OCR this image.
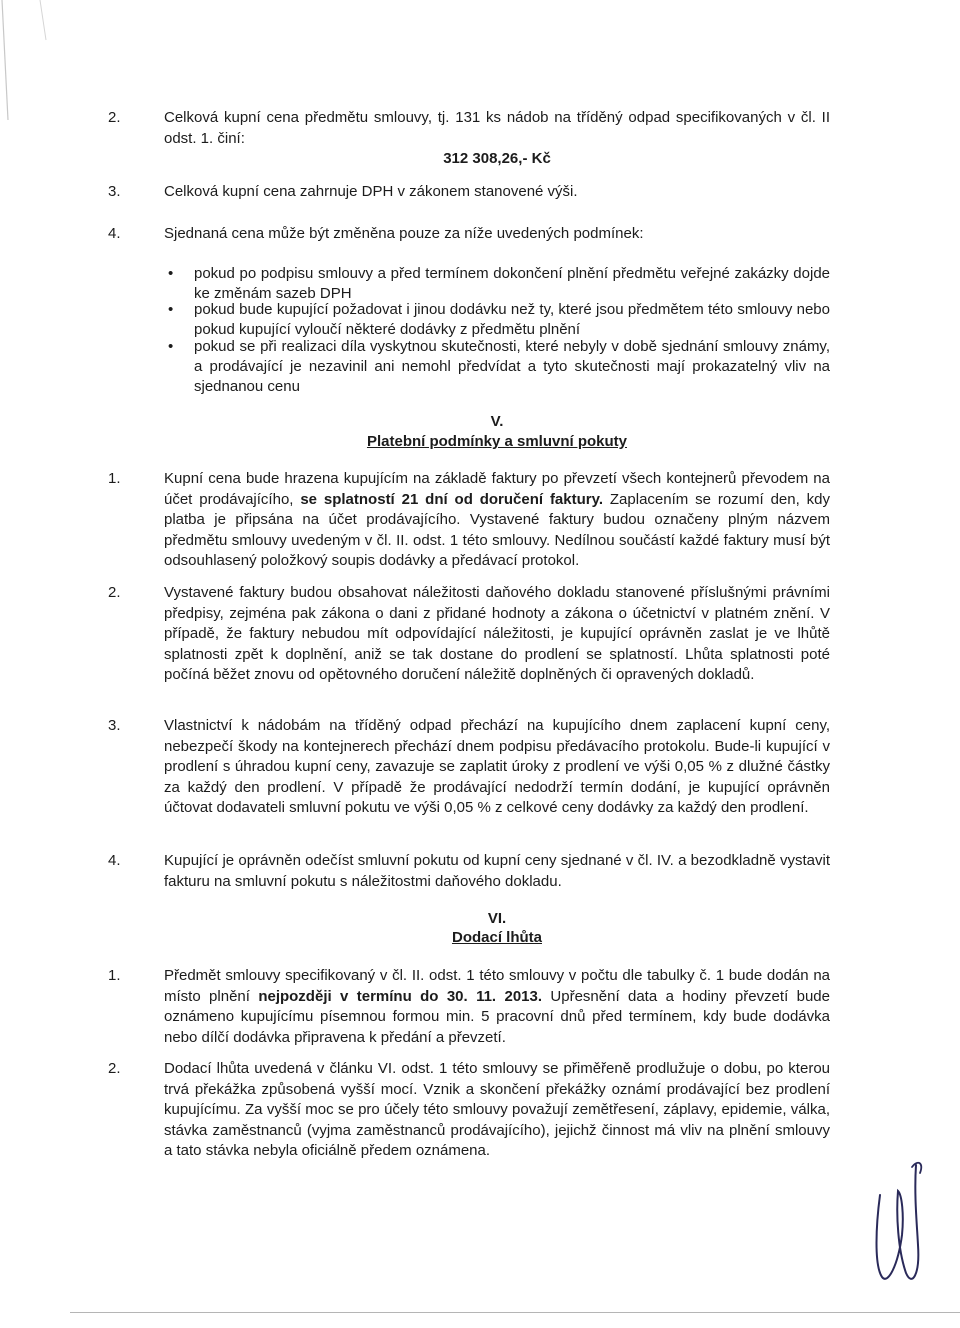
2.	Celková kupní cena předmětu smlouvy, tj. 131 ks nádob na tříděný odpad specifikovaných v čl. II odst. 1. činí:
312 308,26,- Kč
3.	Celková kupní cena zahrnuje DPH v zákonem stanovené výši.
4.	Sjednaná cena může být změněna pouze za níže uvedených podmínek:
• pokud po podpisu smlouvy a před termínem dokončení plnění předmětu veřejné zakázky dojde ke změnám sazeb DPH
• pokud bude kupující požadovat i jinou dodávku než ty, které jsou předmětem této smlouvy nebo pokud kupující vyloučí některé dodávky z předmětu plnění
• pokud se při realizaci díla vyskytnou skutečnosti, které nebyly v době sjednání smlouvy známy, a prodávající je nezavinil ani nemohl předvídat a tyto skutečnosti mají prokazatelný vliv na sjednanou cenu
V.
Platební podmínky a smluvní pokuty
1.	Kupní cena bude hrazena kupujícím na základě faktury po převzetí všech kontejnerů převodem na účet prodávajícího, se splatností 21 dní od doručení faktury. Zaplacením se rozumí den, kdy platba je připsána na účet prodávajícího. Vystavené faktury budou označeny plným názvem předmětu smlouvy uvedeným v čl. II. odst. 1 této smlouvy. Nedílnou součástí každé faktury musí být odsouhlasený položkový soupis dodávky a předávací protokol.
2.	Vystavené faktury budou obsahovat náležitosti daňového dokladu stanovené příslušnými právními předpisy, zejména pak zákona o dani z přidané hodnoty a zákona o účetnictví v platném znění. V případě, že faktury nebudou mít odpovídající náležitosti, je kupující oprávněn zaslat je ve lhůtě splatnosti zpět k doplnění, aniž se tak dostane do prodlení se splatností. Lhůta splatnosti poté počíná běžet znovu od opětovného doručení náležitě doplněných či opravených dokladů.
3.	Vlastnictví k nádobám na tříděný odpad přechází na kupujícího dnem zaplacení kupní ceny, nebezpečí škody na kontejnerech přechází dnem podpisu předávacího protokolu. Bude-li kupující v prodlení s úhradou kupní ceny, zavazuje se zaplatit úroky z prodlení ve výši 0,05 % z dlužné částky za každý den prodlení. V případě že prodávající nedodrží termín dodání, je kupující oprávněn účtovat dodavateli smluvní pokutu ve výši 0,05 % z celkové ceny dodávky za každý den prodlení.
4.	Kupující je oprávněn odečíst smluvní pokutu od kupní ceny sjednané v čl. IV. a bezodkladně vystavit fakturu na smluvní pokutu s náležitostmi daňového dokladu.
VI.
Dodací lhůta
1.	Předmět smlouvy specifikovaný v čl. II. odst. 1 této smlouvy v počtu dle tabulky č. 1 bude dodán na místo plnění nejpozději v termínu do 30. 11. 2013. Upřesnění data a hodiny převzetí bude oznámeno kupujícímu písemnou formou min. 5 pracovní dnů před termínem, kdy bude dodávka nebo dílčí dodávka připravena k předání a převzetí.
2.	Dodací lhůta uvedená v článku VI. odst. 1 této smlouvy se přiměřeně prodlužuje o dobu, po kterou trvá překážka způsobená vyšší mocí. Vznik a skončení překážky oznámí prodávající bez prodlení kupujícímu. Za vyšší moc se pro účely této smlouvy považují zemětřesení, záplavy, epidemie, válka, stávka zaměstnanců (vyjma zaměstnanců prodávajícího), jejichž činnost má vliv na plnění smlouvy a tato stávka nebyla oficiálně předem oznámena.
